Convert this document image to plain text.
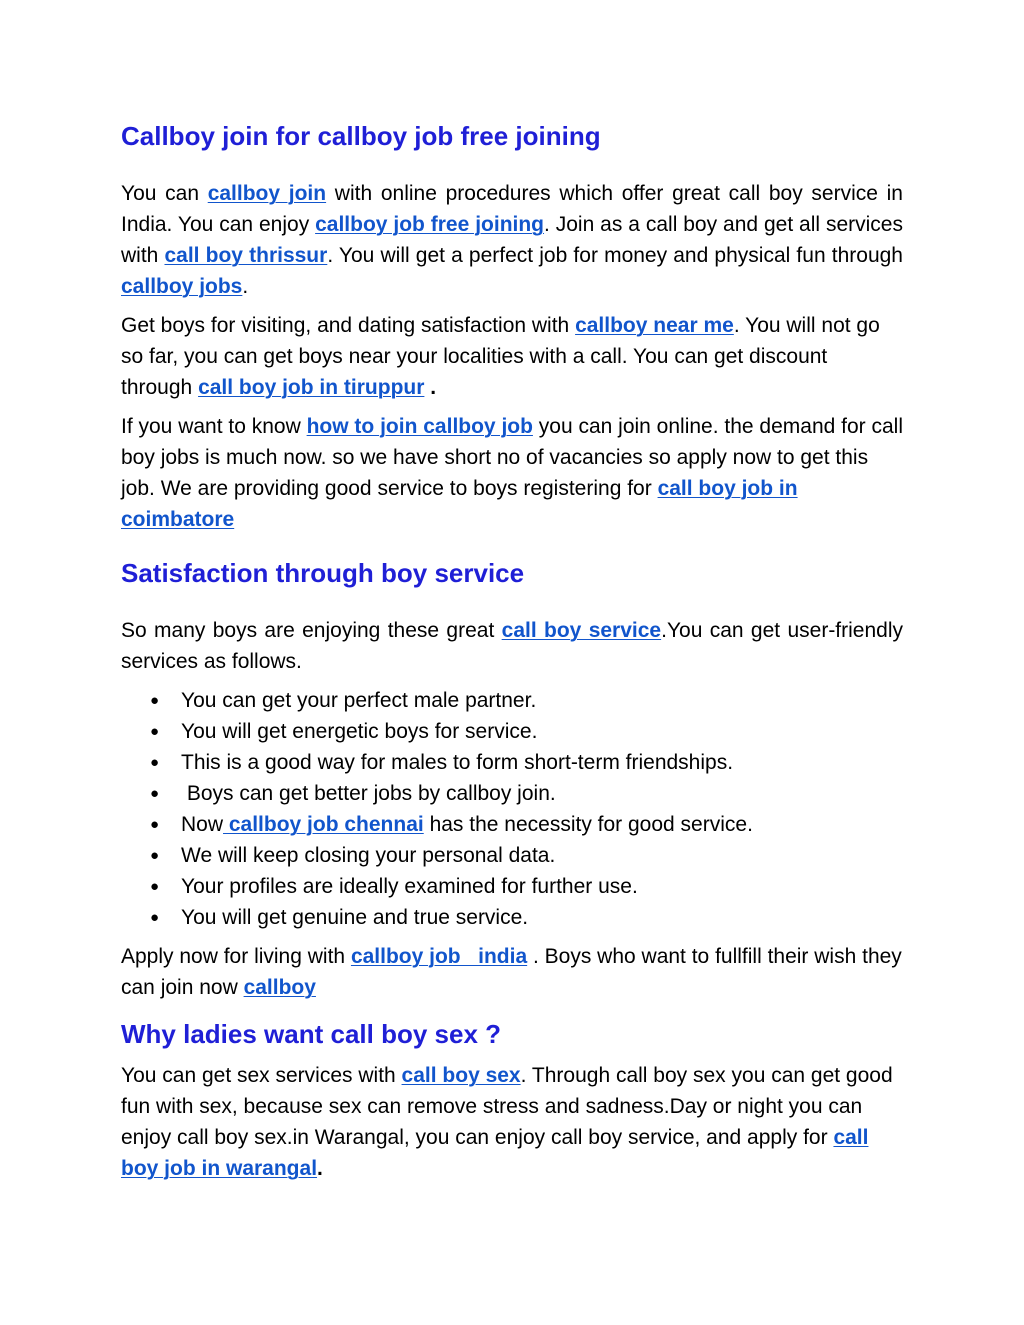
Callboy join for callboy job free joining

You can callboy join with online procedures which offer great call boy service in India. You can enjoy callboy job free joining. Join as a call boy and get all services with call boy thrissur. You will get a perfect job for money and physical fun through callboy jobs.

Get boys for visiting, and dating satisfaction with callboy near me. You will not go so far, you can get boys near your localities with a call. You can get discount through call boy job in tiruppur .

If you want to know how to join callboy job you can join online. the demand for call boy jobs is much now. so we have short no of vacancies so apply now to get this job. We are providing good service to boys registering for call boy job in coimbatore

Satisfaction through boy service

So many boys are enjoying these great call boy service.You can get user-friendly services as follows.

● You can get your perfect male partner.
● You will get energetic boys for service.
● This is a good way for males to form short-term friendships.
● Boys can get better jobs by callboy join.
● Now callboy job chennai has the necessity for good service.
● We will keep closing your personal data.
● Your profiles are ideally examined for further use.
● You will get genuine and true service.

Apply now for living with callboy job   india . Boys who want to fullfill their wish they can join now callboy

Why ladies want call boy sex ?

You can get sex services with call boy sex. Through call boy sex you can get good fun with sex, because sex can remove stress and sadness.Day or night you can enjoy call boy sex.in Warangal, you can enjoy call boy service, and apply for call boy job in warangal.
